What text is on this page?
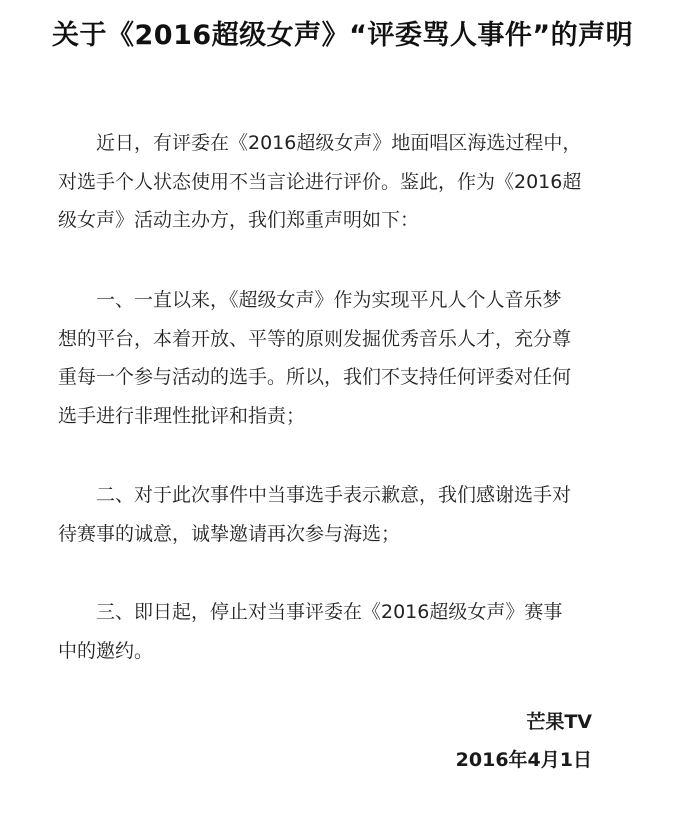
关于《2016超级女声》“评委骂人事件”的声明
近日，有评委在《2016超级女声》地面唱区海选过程中，
对选手个人状态使用不当言论进行评价。鉴此，作为《2016超
级女声》活动主办方，我们郑重声明如下：
一、一直以来，《超级女声》作为实现平凡人个人音乐梦
想的平台，本着开放、平等的原则发掘优秀音乐人才，充分尊
重每一个参与活动的选手。所以，我们不支持任何评委对任何
选手进行非理性批评和指责；
二、对于此次事件中当事选手表示歉意，我们感谢选手对
待赛事的诚意，诚挚邀请再次参与海选；
三、即日起，停止对当事评委在《2016超级女声》赛事
中的邀约。
芒果TV
2016年4月1日
